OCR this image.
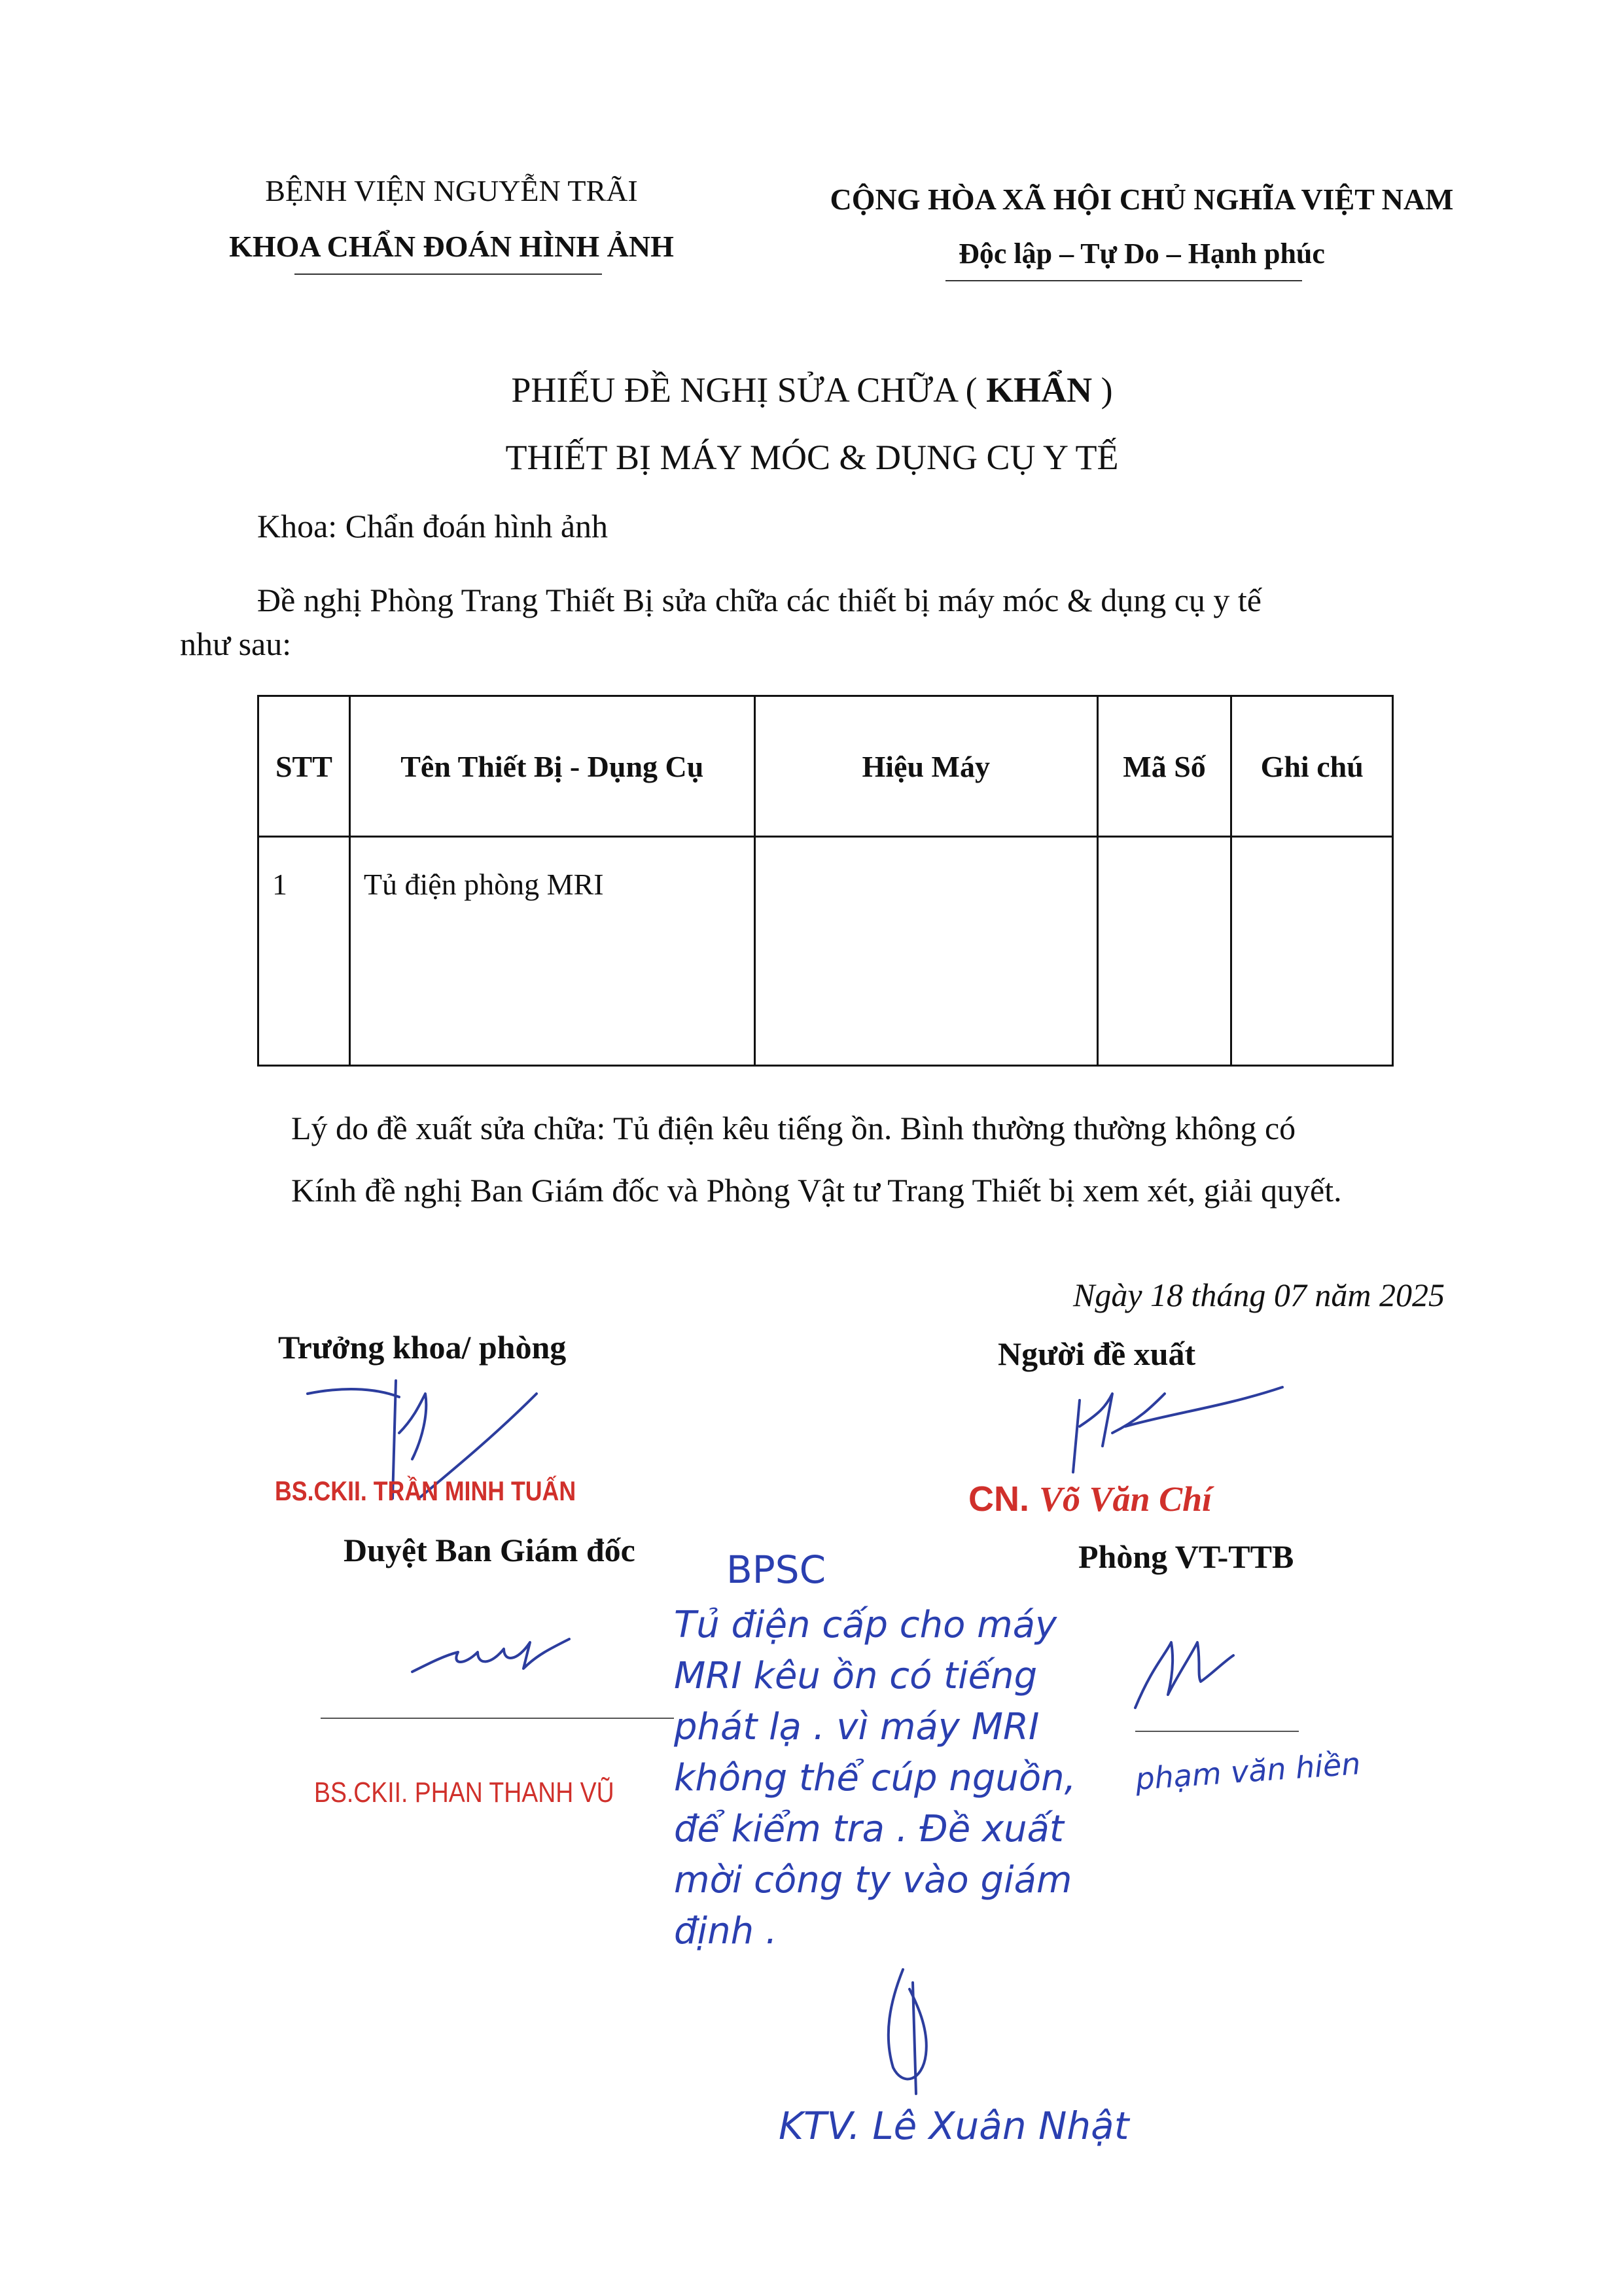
BỆNH VIỆN NGUYỄN TRÃI
KHOA CHẨN ĐOÁN HÌNH ẢNH
CỘNG HÒA XÃ HỘI CHỦ NGHĨA VIỆT NAM
Độc lập – Tự Do – Hạnh phúc
PHIẾU ĐỀ NGHỊ SỬA CHỮA ( KHẨN )
THIẾT BỊ MÁY MÓC & DỤNG CỤ Y TẾ
Khoa: Chẩn đoán hình ảnh
Đề nghị Phòng Trang Thiết Bị sửa chữa các thiết bị máy móc & dụng cụ y tế
như sau:
STT	Tên Thiết Bị - Dụng Cụ	Hiệu Máy	Mã Số	Ghi chú
1	Tủ điện phòng MRI			
Lý do đề xuất sửa chữa: Tủ điện kêu tiếng ồn. Bình thường thường không có
Kính đề nghị Ban Giám đốc và Phòng Vật tư Trang Thiết bị xem xét, giải quyết.
Ngày 18 tháng 07 năm 2025
Trưởng khoa/ phòng
BS.CKII. TRẦN MINH TUẤN
Người đề xuất
CN. Võ Văn Chí
Duyệt Ban Giám đốc
BS.CKII. PHAN THANH VŨ
Phòng VT-TTB
phạm văn hiền
BPSC
Tủ điện cấp cho máy
MRI kêu ồn có tiếng
phát lạ . vì máy MRI
không thể cúp nguồn,
để kiểm tra . Đề xuất
mời công ty vào giám
định .
KTV. Lê Xuân Nhật
